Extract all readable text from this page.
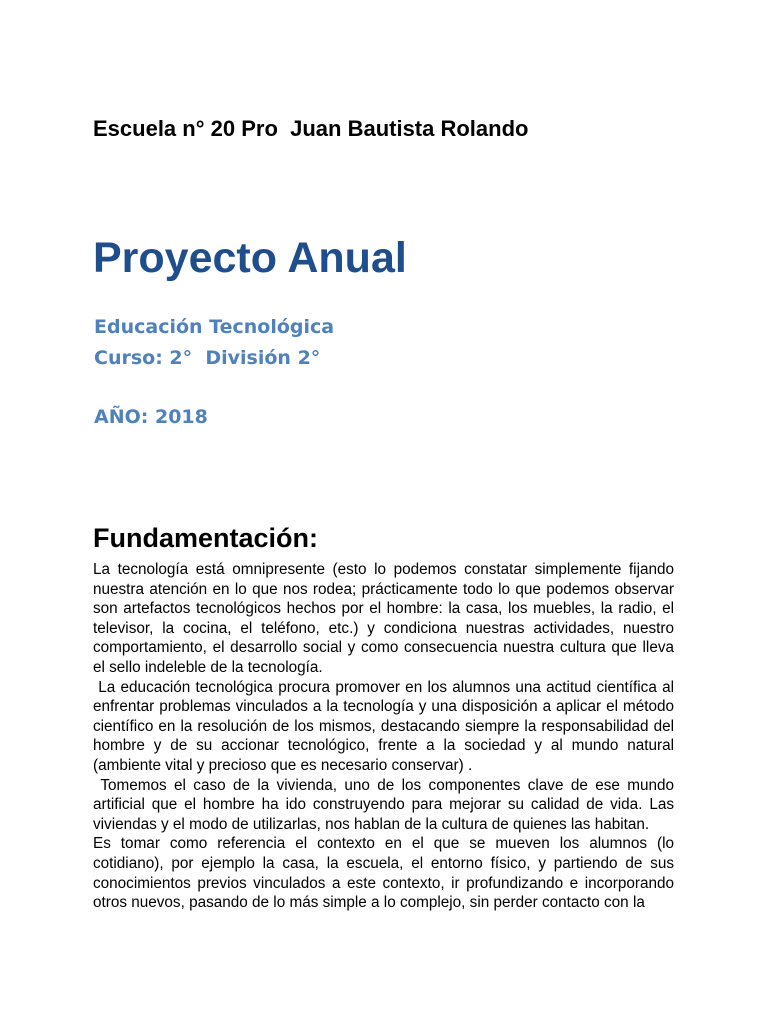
Escuela n° 20 Pro  Juan Bautista Rolando
Proyecto Anual
Educación Tecnológica
Curso: 2°  División 2°
AÑO: 2018
Fundamentación:

La tecnología está omnipresente (esto lo podemos constatar simplemente fijando nuestra atención en lo que nos rodea; prácticamente todo lo que podemos observar son artefactos tecnológicos hechos por el hombre: la casa, los muebles, la radio, el televisor, la cocina, el teléfono, etc.) y condiciona nuestras actividades, nuestro comportamiento, el desarrollo social y como consecuencia nuestra cultura que lleva el sello indeleble de la tecnología.

La educación tecnológica procura promover en los alumnos una actitud científica al enfrentar problemas vinculados a la tecnología y una disposición a aplicar el método científico en la resolución de los mismos, destacando siempre la responsabilidad del hombre y de su accionar tecnológico, frente a la sociedad y al mundo natural (ambiente vital y precioso que es necesario conservar) .

Tomemos el caso de la vivienda, uno de los componentes clave de ese mundo artificial que el hombre ha ido construyendo para mejorar su calidad de vida. Las viviendas y el modo de utilizarlas, nos hablan de la cultura de quienes las habitan.

Es tomar como referencia el contexto en el que se mueven los alumnos (lo cotidiano), por ejemplo la casa, la escuela, el entorno físico, y partiendo de sus conocimientos previos vinculados a este contexto, ir profundizando e incorporando otros nuevos, pasando de lo más simple a lo complejo, sin perder contacto con la
